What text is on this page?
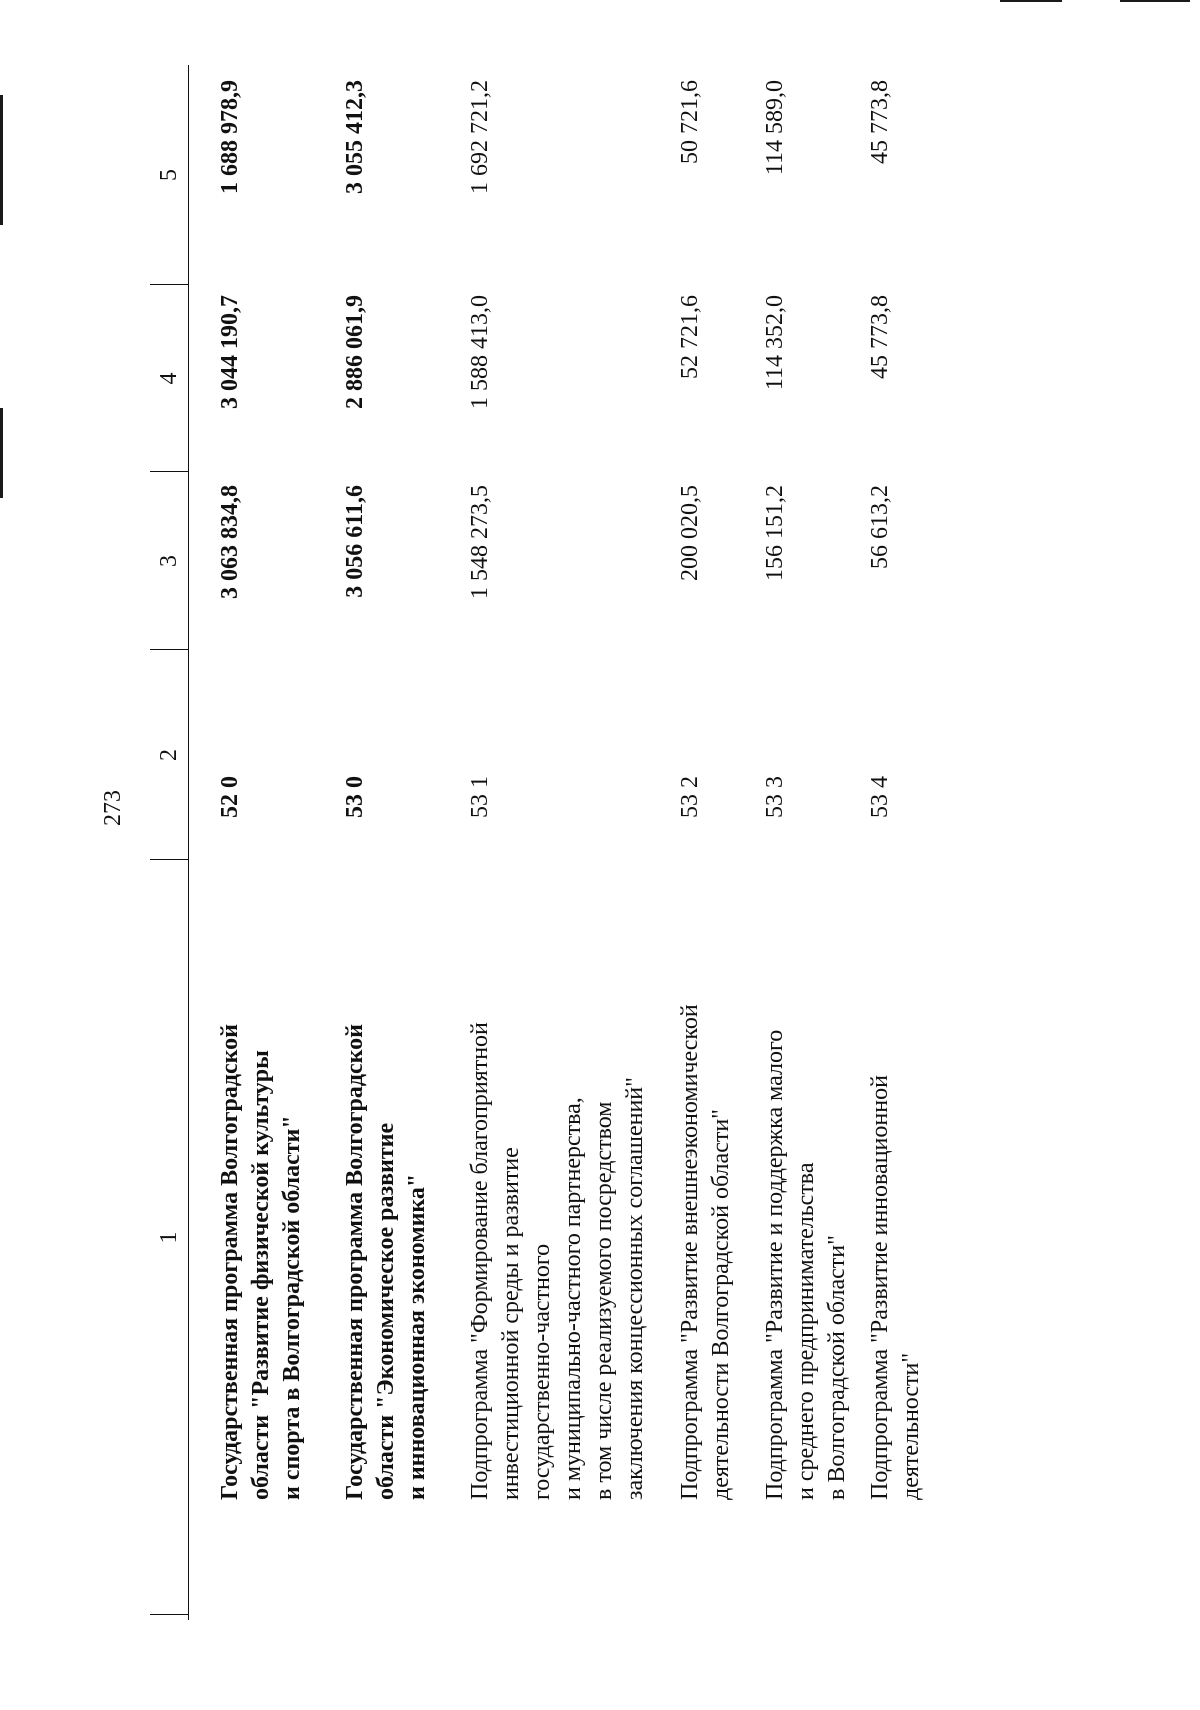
273
1
2
3
4
5
Государственная программа Волгоградской области "Развитие физической культуры и спорта в Волгоградской области"
52 0
3 063 834,8
3 044 190,7
1 688 978,9
Государственная программа Волгоградской области "Экономическое развитие и инновационная экономика"
53 0
3 056 611,6
2 886 061,9
3 055 412,3
Подпрограмма "Формирование благоприятной инвестиционной среды и развитие государственно-частного и муниципально-частного партнерства, в том числе реализуемого посредством заключения концессионных соглашений"
53 1
1 548 273,5
1 588 413,0
1 692 721,2
Подпрограмма "Развитие внешнеэкономической деятельности Волгоградской области"
53 2
200 020,5
52 721,6
50 721,6
Подпрограмма "Развитие и поддержка малого и среднего предпринимательства в Волгоградской области"
53 3
156 151,2
114 352,0
114 589,0
Подпрограмма "Развитие инновационной деятельности"
53 4
56 613,2
45 773,8
45 773,8
